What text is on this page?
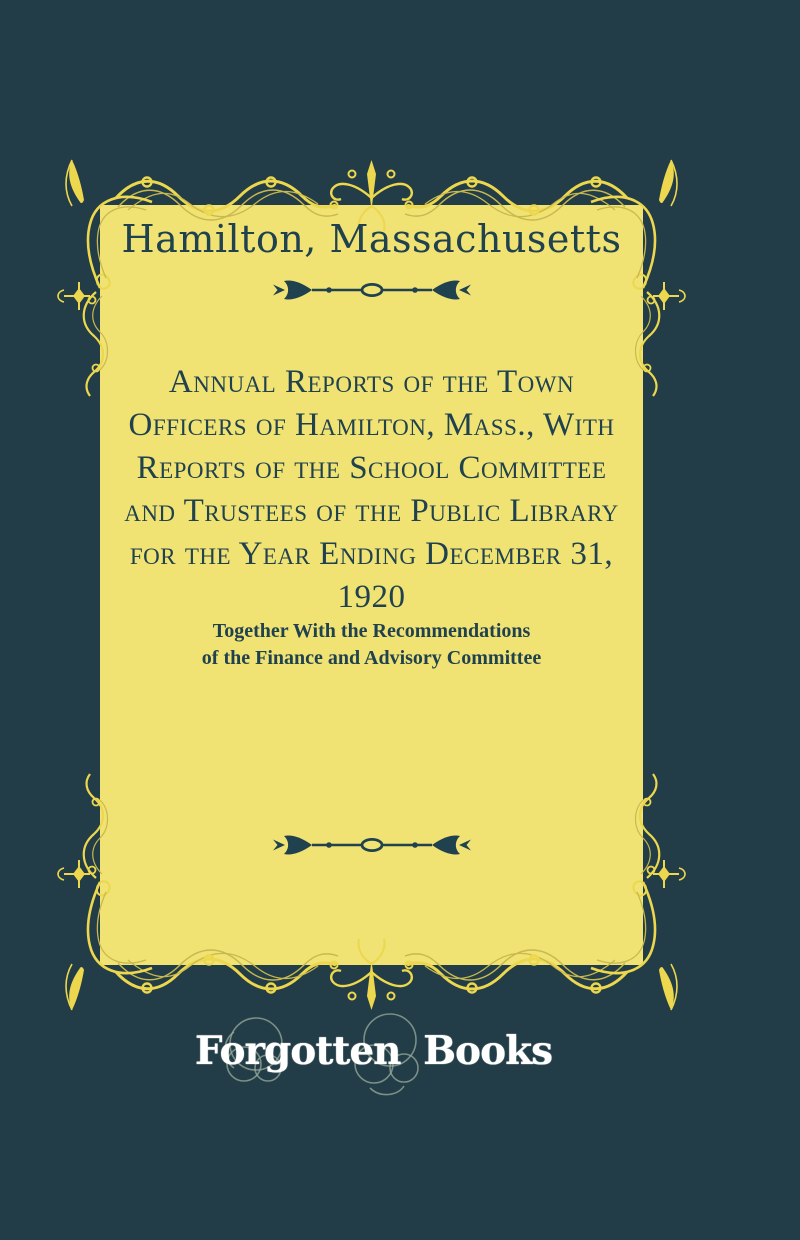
Hamilton, Massachusetts
Annual Reports of the Town
Officers of Hamilton, Mass., With
Reports of the School Committee
and Trustees of the Public Library
for the Year Ending December 31,
1920
Together With the Recommendations
of the Finance and Advisory Committee
Forgotten Books
